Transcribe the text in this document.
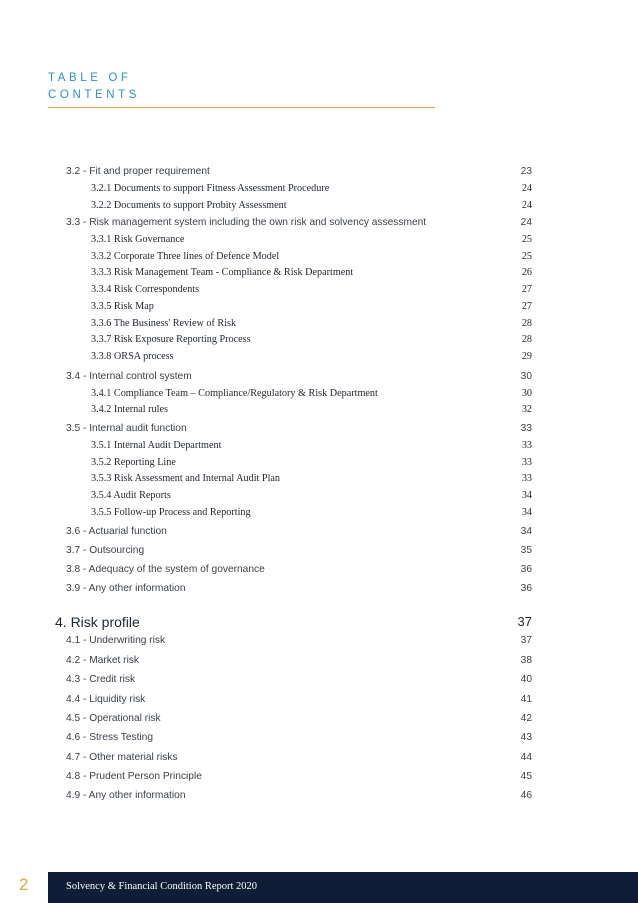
TABLE OF
CONTENTS
3.2 - Fit and proper requirement	23
3.2.1 Documents to support Fitness Assessment Procedure	24
3.2.2 Documents to support Probity Assessment	24
3.3 - Risk management system including the own risk and solvency assessment	24
3.3.1 Risk Governance	25
3.3.2 Corporate Three lines of Defence Model	25
3.3.3 Risk Management Team - Compliance & Risk Department	26
3.3.4 Risk Correspondents	27
3.3.5 Risk Map	27
3.3.6 The Business' Review of Risk	28
3.3.7 Risk Exposure Reporting Process	28
3.3.8 ORSA process	29
3.4 - Internal control system	30
3.4.1 Compliance Team – Compliance/Regulatory & Risk Department	30
3.4.2 Internal rules	32
3.5 - Internal audit function	33
3.5.1 Internal Audit Department	33
3.5.2 Reporting Line	33
3.5.3 Risk Assessment and Internal Audit Plan	33
3.5.4 Audit Reports	34
3.5.5 Follow-up Process and Reporting	34
3.6 - Actuarial function	34
3.7 - Outsourcing	35
3.8 - Adequacy of the system of governance	36
3.9 - Any other information	36
4. Risk profile	37
4.1 - Underwriting risk	37
4.2 - Market risk	38
4.3 - Credit risk	40
4.4 - Liquidity risk	41
4.5 - Operational risk	42
4.6 - Stress Testing	43
4.7 - Other material risks	44
4.8 - Prudent Person Principle	45
4.9 - Any other information	46
2	Solvency & Financial Condition Report 2020
